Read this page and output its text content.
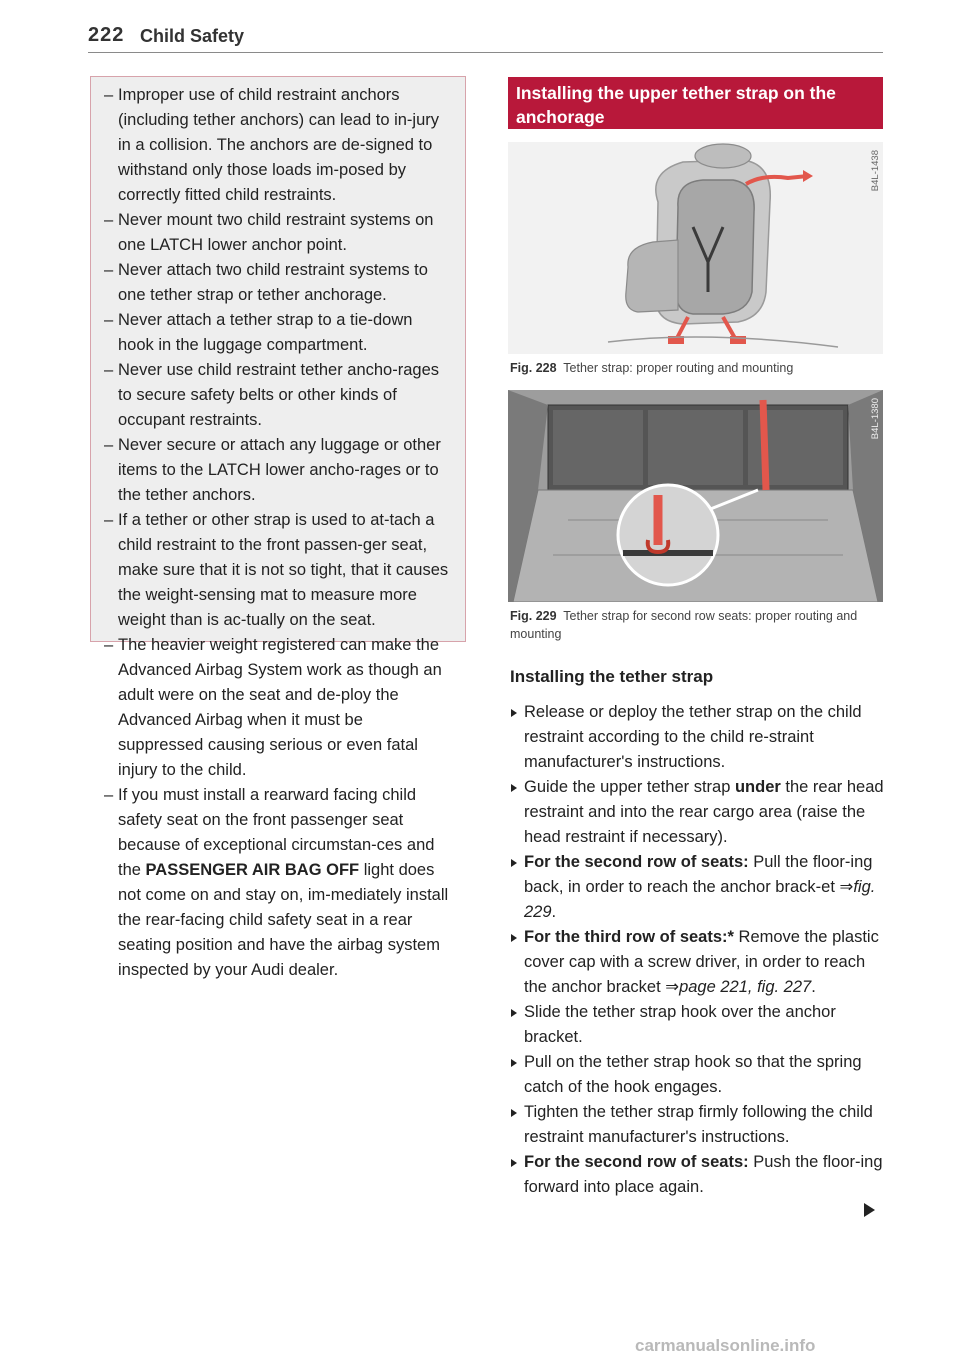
222 Child Safety
– Improper use of child restraint anchors (including tether anchors) can lead to in-jury in a collision. The anchors are de-signed to withstand only those loads im-posed by correctly fitted child restraints.
– Never mount two child restraint systems on one LATCH lower anchor point.
– Never attach two child restraint systems to one tether strap or tether anchorage.
– Never attach a tether strap to a tie-down hook in the luggage compartment.
– Never use child restraint tether ancho-rages to secure safety belts or other kinds of occupant restraints.
– Never secure or attach any luggage or other items to the LATCH lower ancho-rages or to the tether anchors.
– If a tether or other strap is used to at-tach a child restraint to the front passen-ger seat, make sure that it is not so tight, that it causes the weight-sensing mat to measure more weight than is ac-tually on the seat.
– The heavier weight registered can make the Advanced Airbag System work as though an adult were on the seat and de-ploy the Advanced Airbag when it must be suppressed causing serious or even fatal injury to the child.
– If you must install a rearward facing child safety seat on the front passenger seat because of exceptional circumstan-ces and the PASSENGER AIR BAG OFF light does not come on and stay on, im-mediately install the rear-facing child safety seat in a rear seating position and have the airbag system inspected by your Audi dealer.
Installing the upper tether strap on the anchorage
B4L-1438
Fig. 228 Tether strap: proper routing and mounting
B4L-1380
Fig. 229 Tether strap for second row seats: proper routing and mounting
Installing the tether strap
Release or deploy the tether strap on the child restraint according to the child re-straint manufacturer's instructions.
Guide the upper tether strap under the rear head restraint and into the rear cargo area (raise the head restraint if necessary).
For the second row of seats: Pull the floor-ing back, in order to reach the anchor brack-et ⇒fig. 229.
For the third row of seats:* Remove the plastic cover cap with a screw driver, in order to reach the anchor bracket ⇒page 221, fig. 227.
Slide the tether strap hook over the anchor bracket.
Pull on the tether strap hook so that the spring catch of the hook engages.
Tighten the tether strap firmly following the child restraint manufacturer's instructions.
For the second row of seats: Push the floor-ing forward into place again.
carmanualsonline.info
